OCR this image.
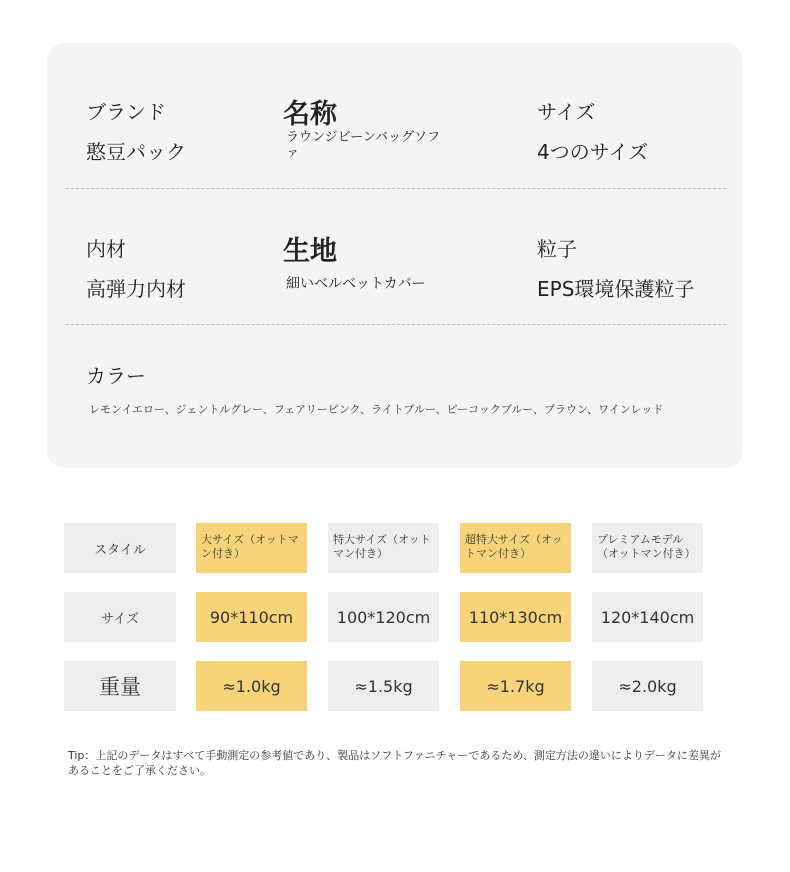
ブランド
憨豆パック
名称
ラウンジビーンバッグソファ
サイズ
4つのサイズ
内材
高弾力内材
生地
細いベルベットカバー
粒子
EPS環境保護粒子
カラー
レモンイエロー、ジェントルグレー、フェアリーピンク、ライトブルー、ピーコックブルー、ブラウン、ワインレッド
スタイル
サイズ
重量
大サイズ（オットマン付き）
90*110cm
≈1.0kg
特大サイズ（オットマン付き）
100*120cm
≈1.5kg
超特大サイズ（オットマン付き）
110*130cm
≈1.7kg
プレミアムモデル（オットマン付き）
120*140cm
≈2.0kg
Tip：上記のデータはすべて手動測定の参考値であり、製品はソフトファニチャーであるため、測定方法の違いによりデータに差異があることをご了承ください。
